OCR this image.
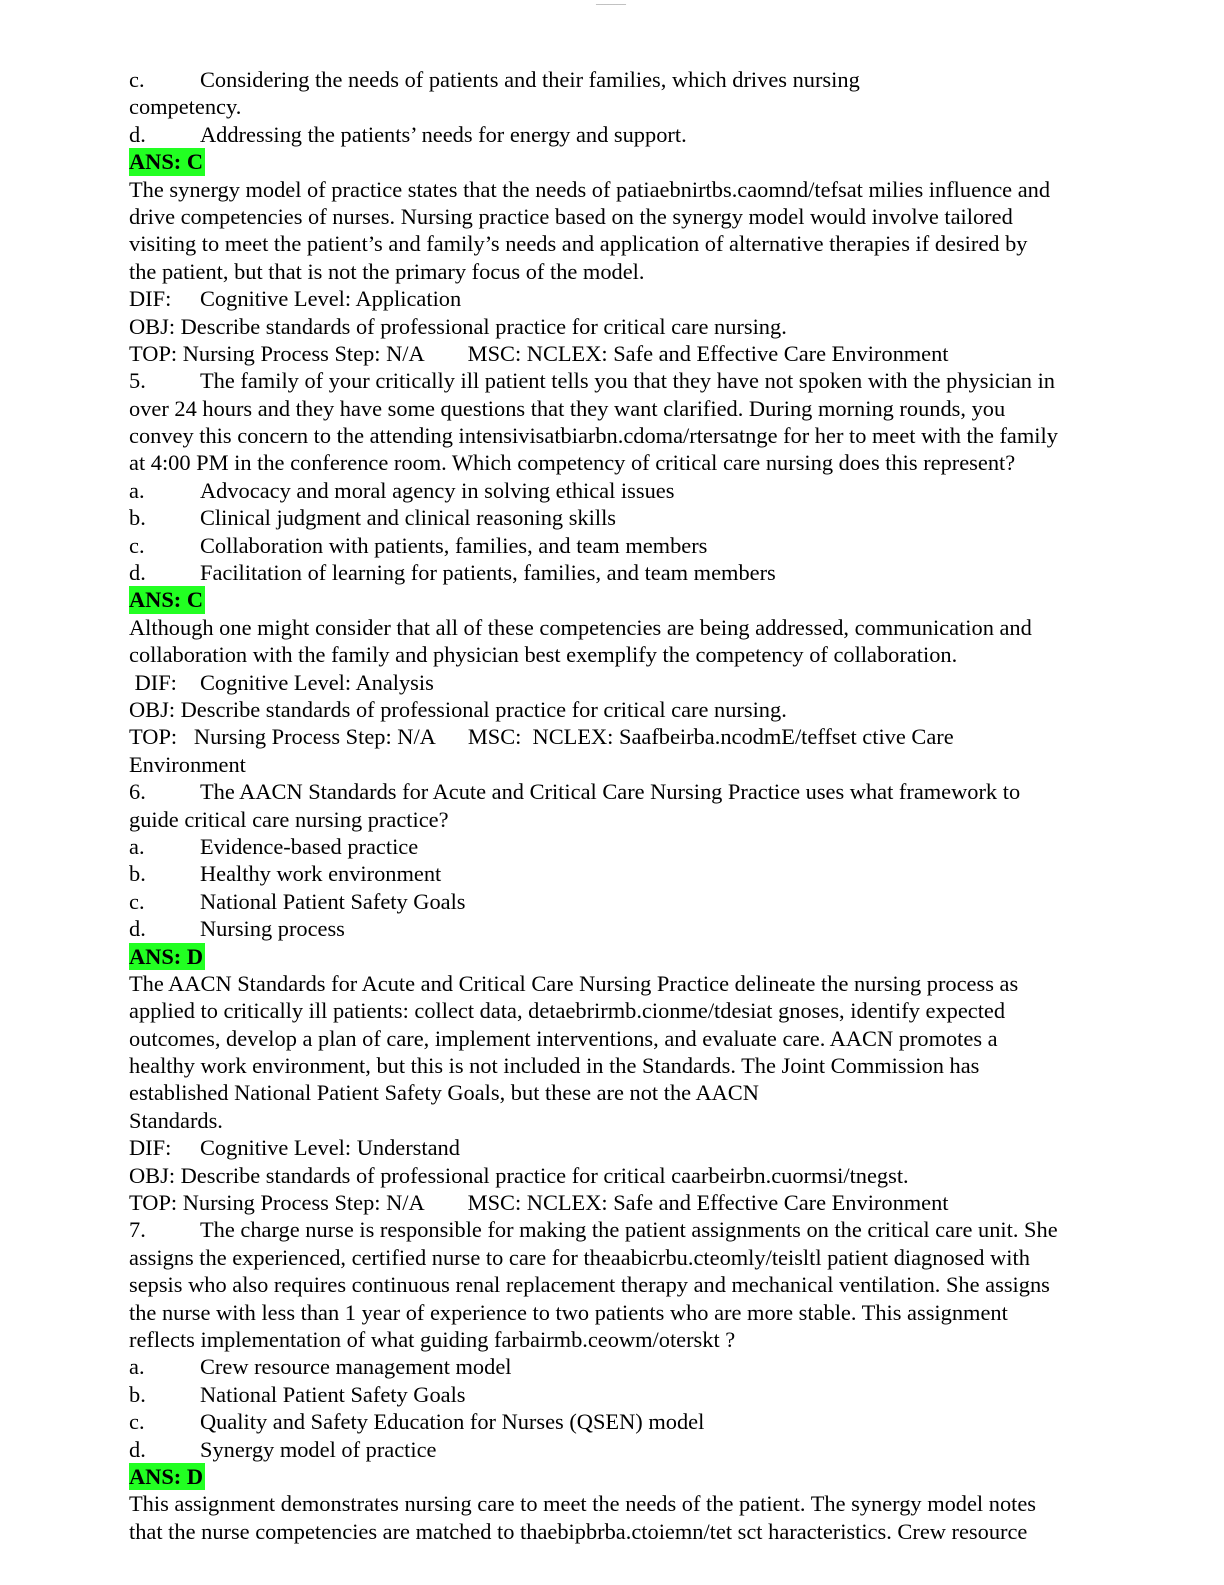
__________
c. Considering the needs of patients and their families, which drives nursing
competency.
d. Addressing the patients’ needs for energy and support.
ANS: C
The synergy model of practice states that the needs of patiaebnirtbs.caomnd/tefsat milies influence and
drive competencies of nurses. Nursing practice based on the synergy model would involve tailored
visiting to meet the patient’s and family’s needs and application of alternative therapies if desired by
the patient, but that is not the primary focus of the model.
DIF: Cognitive Level: Application
OBJ: Describe standards of professional practice for critical care nursing.
TOP: Nursing Process Step: N/A MSC: NCLEX: Safe and Effective Care Environment
5. The family of your critically ill patient tells you that they have not spoken with the physician in
over 24 hours and they have some questions that they want clarified. During morning rounds, you
convey this concern to the attending intensivisatbiarbn.cdoma/rtersatnge for her to meet with the family
at 4:00 PM in the conference room. Which competency of critical care nursing does this represent?
a. Advocacy and moral agency in solving ethical issues
b. Clinical judgment and clinical reasoning skills
c. Collaboration with patients, families, and team members
d. Facilitation of learning for patients, families, and team members
ANS: C
Although one might consider that all of these competencies are being addressed, communication and
collaboration with the family and physician best exemplify the competency of collaboration.
DIF: Cognitive Level: Analysis
OBJ: Describe standards of professional practice for critical care nursing.
TOP:   Nursing Process Step: N/A MSC:  NCLEX: Saafbeirba.ncodmE/teffset ctive Care
Environment
6. The AACN Standards for Acute and Critical Care Nursing Practice uses what framework to
guide critical care nursing practice?
a. Evidence-based practice
b. Healthy work environment
c. National Patient Safety Goals
d. Nursing process
ANS: D
The AACN Standards for Acute and Critical Care Nursing Practice delineate the nursing process as
applied to critically ill patients: collect data, detaebrirmb.cionme/tdesiat gnoses, identify expected
outcomes, develop a plan of care, implement interventions, and evaluate care. AACN promotes a
healthy work environment, but this is not included in the Standards. The Joint Commission has
established National Patient Safety Goals, but these are not the AACN
Standards.
DIF: Cognitive Level: Understand
OBJ: Describe standards of professional practice for critical caarbeirbn.cuormsi/tnegst.
TOP: Nursing Process Step: N/A MSC: NCLEX: Safe and Effective Care Environment
7. The charge nurse is responsible for making the patient assignments on the critical care unit. She
assigns the experienced, certified nurse to care for theaabicrbu.cteomly/teisltl patient diagnosed with
sepsis who also requires continuous renal replacement therapy and mechanical ventilation. She assigns
the nurse with less than 1 year of experience to two patients who are more stable. This assignment
reflects implementation of what guiding farbairmb.ceowm/oterskt ?
a. Crew resource management model
b. National Patient Safety Goals
c. Quality and Safety Education for Nurses (QSEN) model
d. Synergy model of practice
ANS: D
This assignment demonstrates nursing care to meet the needs of the patient. The synergy model notes
that the nurse competencies are matched to thaebipbrba.ctoiemn/tet sct haracteristics. Crew resource
